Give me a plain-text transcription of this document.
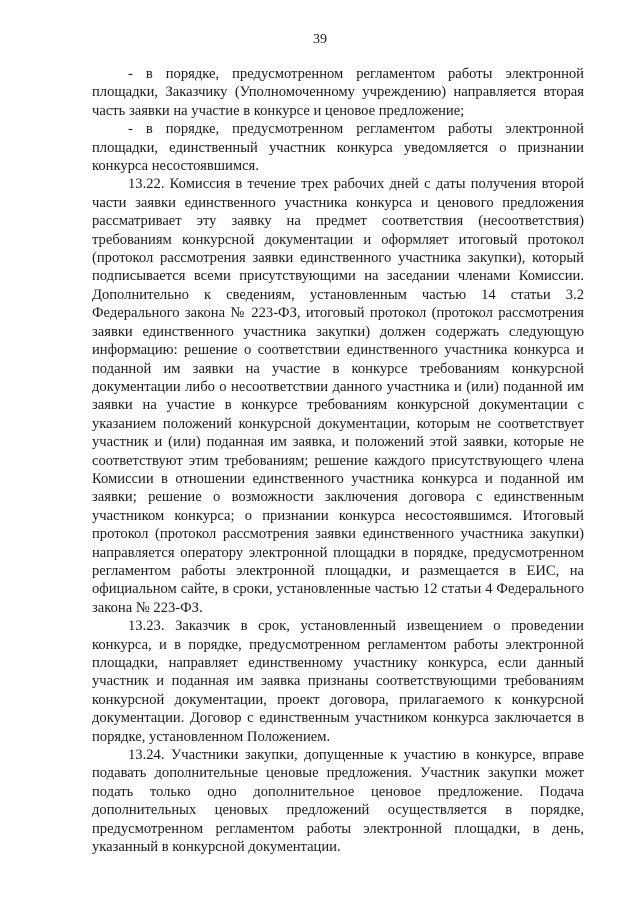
39

- в порядке, предусмотренном регламентом работы электронной площадки, Заказчику (Уполномоченному учреждению) направляется вторая часть заявки на участие в конкурсе и ценовое предложение;

- в порядке, предусмотренном регламентом работы электронной площадки, единственный участник конкурса уведомляется о признании конкурса несостоявшимся.

13.22. Комиссия в течение трех рабочих дней с даты получения второй части заявки единственного участника конкурса и ценового предложения рассматривает эту заявку на предмет соответствия (несоответствия) требованиям конкурсной документации и оформляет итоговый протокол (протокол рассмотрения заявки единственного участника закупки), который подписывается всеми присутствующими на заседании членами Комиссии. Дополнительно к сведениям, установленным частью 14 статьи 3.2 Федерального закона № 223-ФЗ, итоговый протокол (протокол рассмотрения заявки единственного участника закупки) должен содержать следующую информацию: решение о соответствии единственного участника конкурса и поданной им заявки на участие в конкурсе требованиям конкурсной документации либо о несоответствии данного участника и (или) поданной им заявки на участие в конкурсе требованиям конкурсной документации с указанием положений конкурсной документации, которым не соответствует участник и (или) поданная им заявка, и положений этой заявки, которые не соответствуют этим требованиям; решение каждого присутствующего члена Комиссии в отношении единственного участника конкурса и поданной им заявки; решение о возможности заключения договора с единственным участником конкурса; о признании конкурса несостоявшимся. Итоговый протокол (протокол рассмотрения заявки единственного участника закупки) направляется оператору электронной площадки в порядке, предусмотренном регламентом работы электронной площадки, и размещается в ЕИС, на официальном сайте, в сроки, установленные частью 12 статьи 4 Федерального закона № 223-ФЗ.

13.23. Заказчик в срок, установленный извещением о проведении конкурса, и в порядке, предусмотренном регламентом работы электронной площадки, направляет единственному участнику конкурса, если данный участник и поданная им заявка признаны соответствующими требованиям конкурсной документации, проект договора, прилагаемого к конкурсной документации. Договор с единственным участником конкурса заключается в порядке, установленном Положением.

13.24. Участники закупки, допущенные к участию в конкурсе, вправе подавать дополнительные ценовые предложения. Участник закупки может подать только одно дополнительное ценовое предложение. Подача дополнительных ценовых предложений осуществляется в порядке, предусмотренном регламентом работы электронной площадки, в день, указанный в конкурсной документации.
